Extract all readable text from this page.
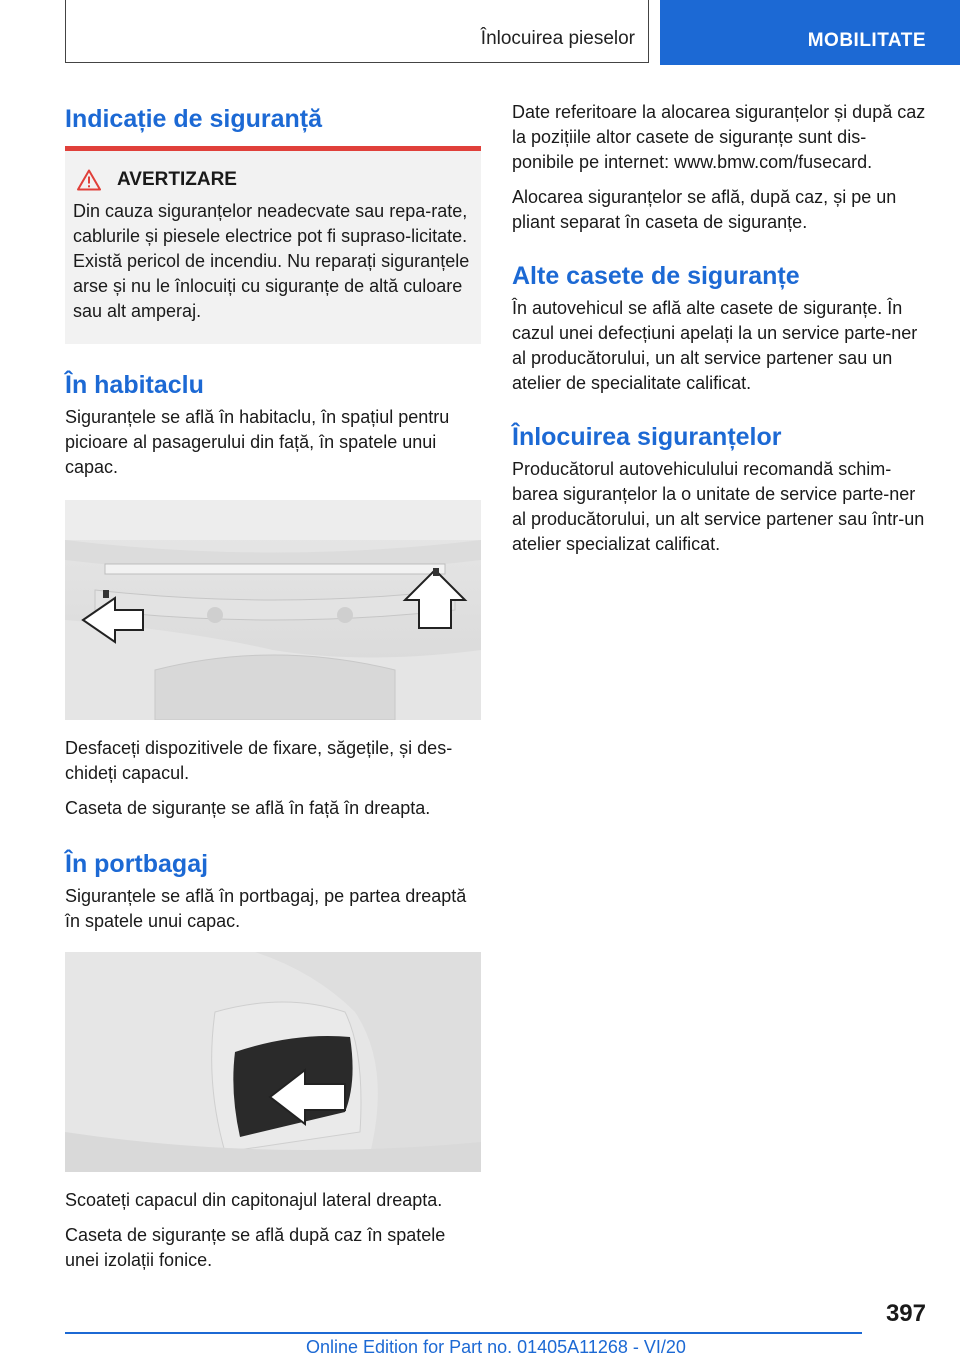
Înlocuirea pieselor	MOBILITATE
Indicație de siguranță
AVERTIZARE

Din cauza siguranțelor neadecvate sau repa-rate, cablurile și piesele electrice pot fi supraso-licitate. Există pericol de incendiu. Nu reparați siguranțele arse și nu le înlocuiți cu siguranțe de altă culoare sau alt amperaj.

În habitaclu

Siguranțele se află în habitaclu, în spațiul pentru picioare al pasagerului din față, în spatele unui capac.

Desfaceți dispozitivele de fixare, săgețile, și des-chideți capacul.

Caseta de siguranțe se află în față în dreapta.

În portbagaj

Siguranțele se află în portbagaj, pe partea dreaptă în spatele unui capac.

Scoateți capacul din capitonajul lateral dreapta.

Caseta de siguranțe se află după caz în spatele unei izolații fonice.

Date referitoare la alocarea siguranțelor și după caz la pozițiile altor casete de siguranțe sunt dis-ponibile pe internet: www.bmw.com/fusecard.

Alocarea siguranțelor se află, după caz, și pe un pliant separat în caseta de siguranțe.

Alte casete de siguranțe

În autovehicul se află alte casete de siguranțe. În cazul unei defecțiuni apelați la un service parte-ner al producătorului, un alt service partener sau un atelier de specialitate calificat.

Înlocuirea siguranțelor

Producătorul autovehiculului recomandă schim-barea siguranțelor la o unitate de service parte-ner al producătorului, un alt service partener sau într-un atelier specializat calificat.

397
Online Edition for Part no. 01405A11268 - VI/20
